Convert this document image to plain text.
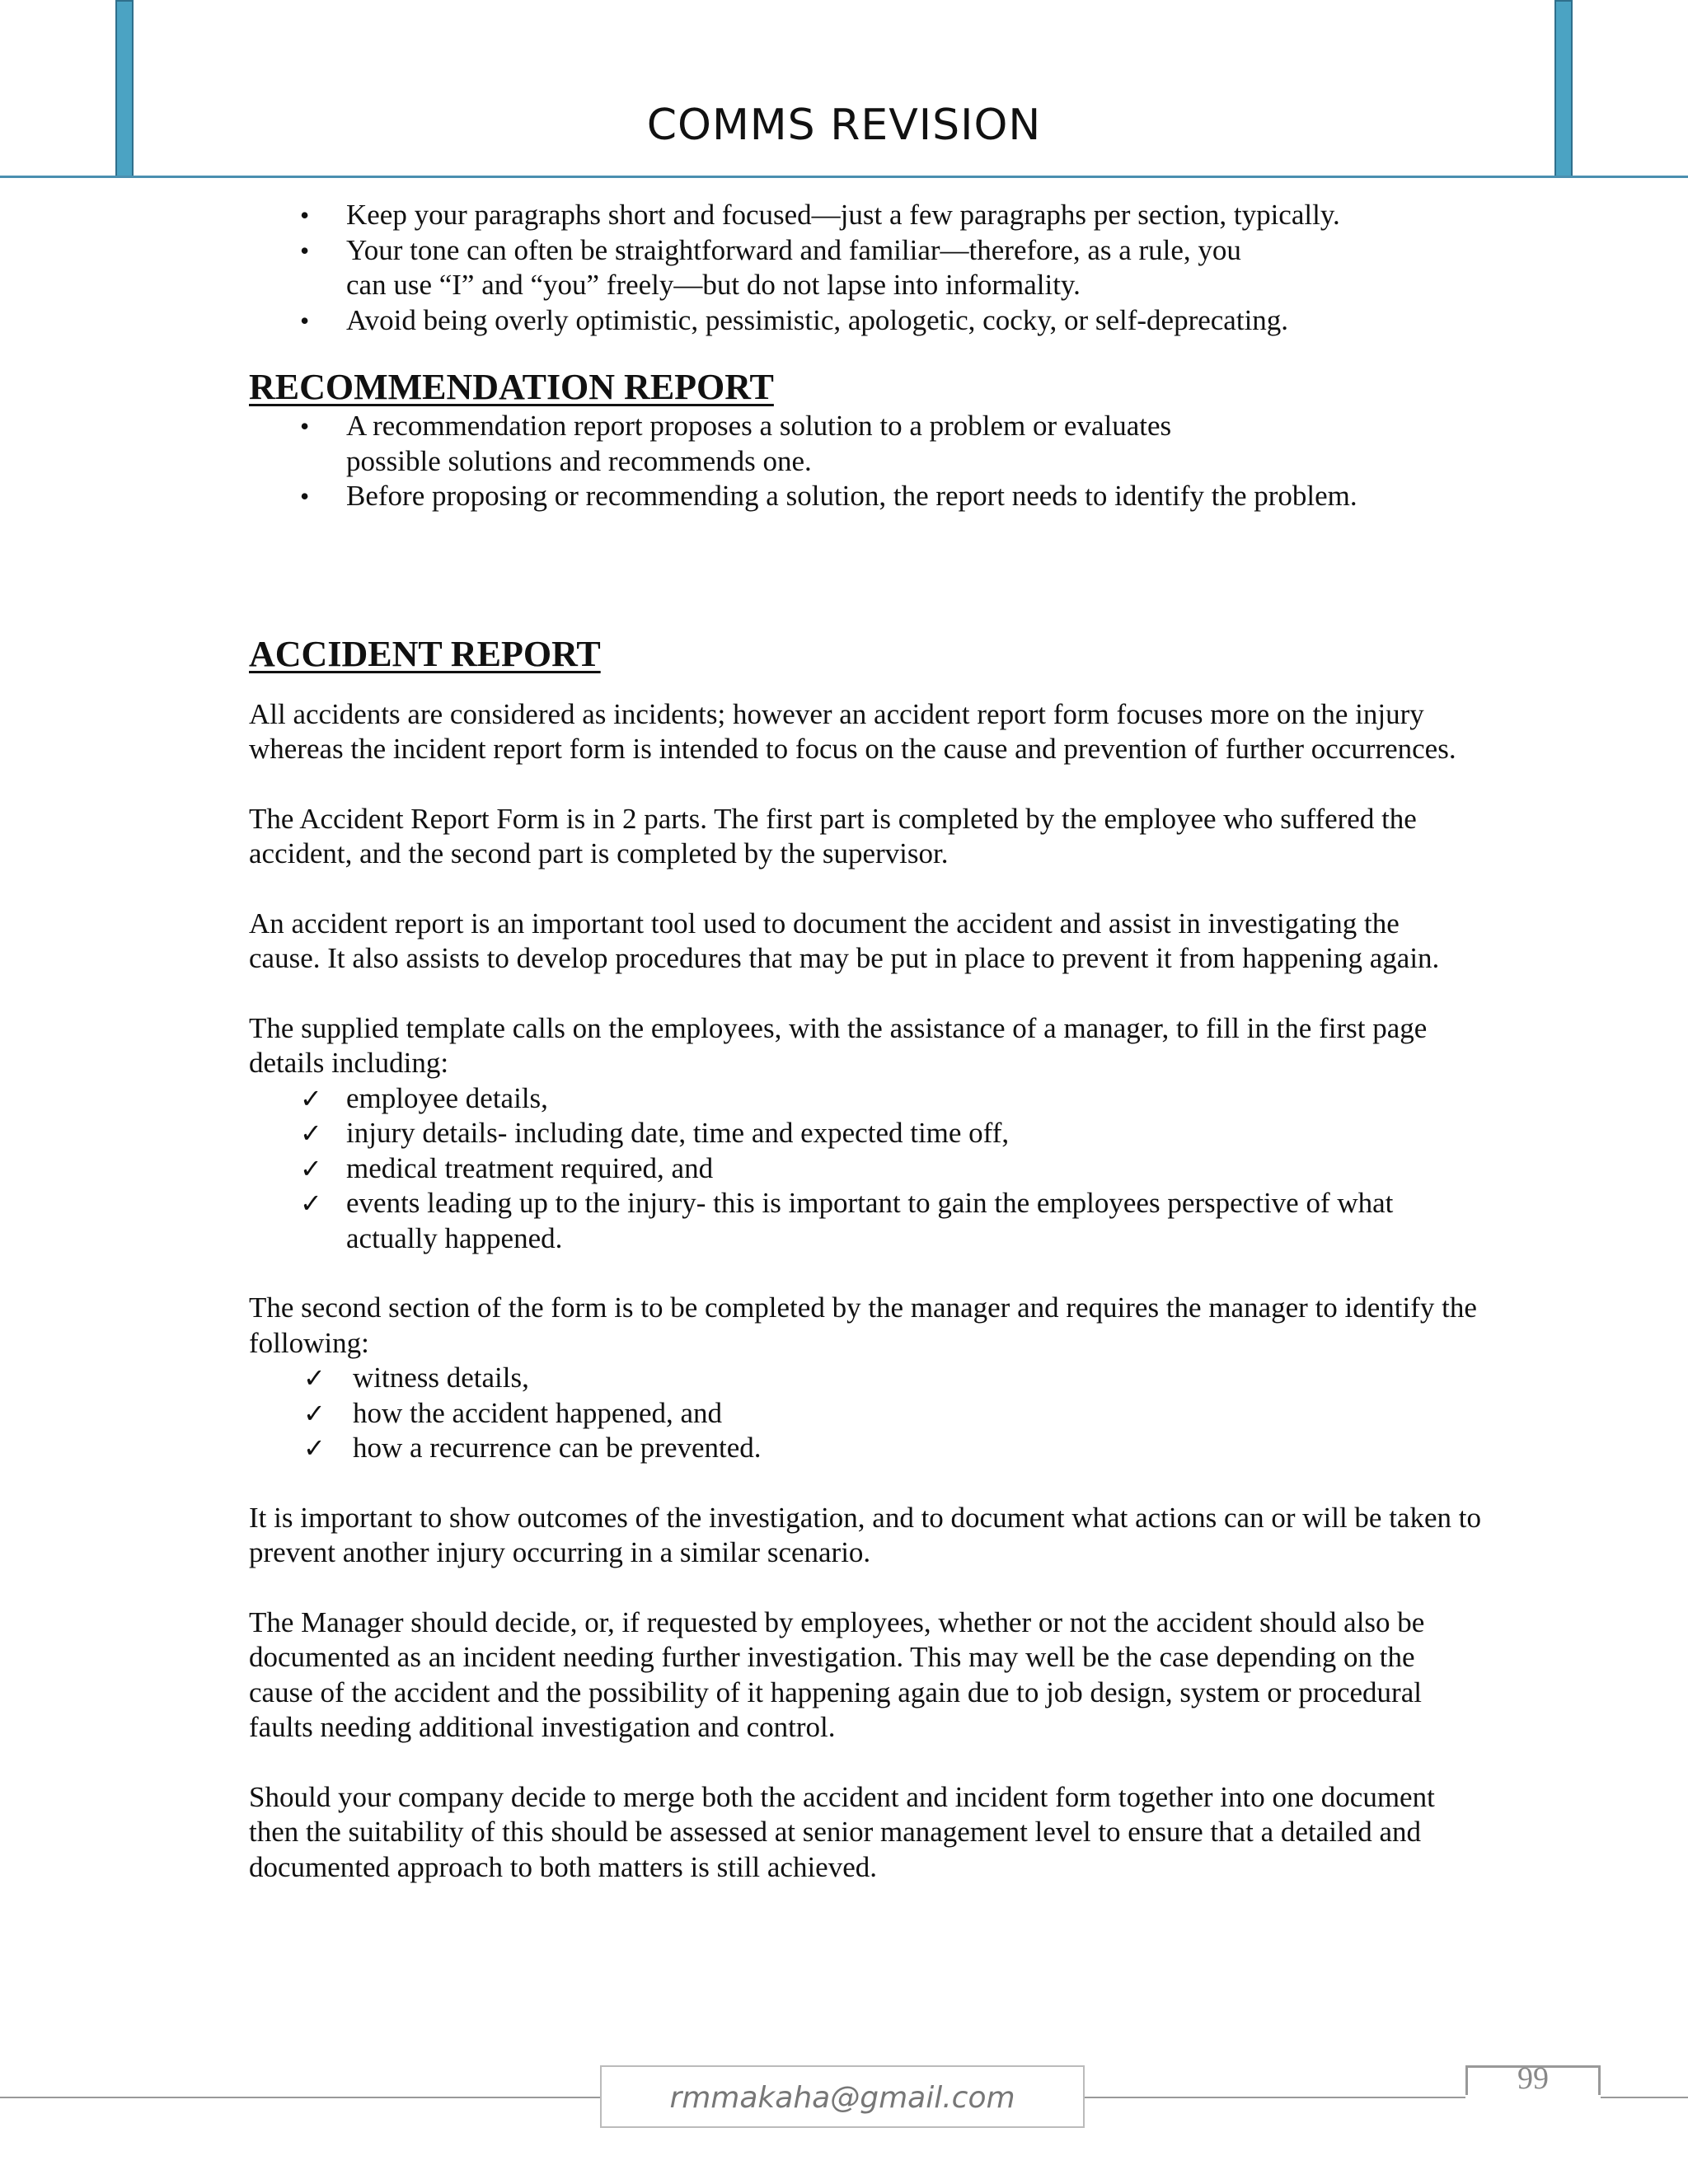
COMMS REVISION
• Keep your paragraphs short and focused—just a few paragraphs per section, typically.
• Your tone can often be straightforward and familiar—therefore, as a rule, you can use “I” and “you” freely—but do not lapse into informality.
• Avoid being overly optimistic, pessimistic, apologetic, cocky, or self-deprecating.
RECOMMENDATION REPORT
• A recommendation report proposes a solution to a problem or evaluates possible solutions and recommends one.
• Before proposing or recommending a solution, the report needs to identify the problem.
ACCIDENT REPORT

All accidents are considered as incidents; however an accident report form focuses more on the injury whereas the incident report form is intended to focus on the cause and prevention of further occurrences.

The Accident Report Form is in 2 parts. The first part is completed by the employee who suffered the accident, and the second part is completed by the supervisor.

An accident report is an important tool used to document the accident and assist in investigating the cause. It also assists to develop procedures that may be put in place to prevent it from happening again.

The supplied template calls on the employees, with the assistance of a manager, to fill in the first page details including:

✓ employee details,
✓ injury details- including date, time and expected time off,
✓ medical treatment required, and
✓ events leading up to the injury- this is important to gain the employees perspective of what actually happened.

The second section of the form is to be completed by the manager and requires the manager to identify the following:

✓ witness details,
✓ how the accident happened, and
✓ how a recurrence can be prevented.

It is important to show outcomes of the investigation, and to document what actions can or will be taken to prevent another injury occurring in a similar scenario.

The Manager should decide, or, if requested by employees, whether or not the accident should also be documented as an incident needing further investigation. This may well be the case depending on the cause of the accident and the possibility of it happening again due to job design, system or procedural faults needing additional investigation and control.

Should your company decide to merge both the accident and incident form together into one document then the suitability of this should be assessed at senior management level to ensure that a detailed and documented approach to both matters is still achieved.

rmmakaha@gmail.com
99
